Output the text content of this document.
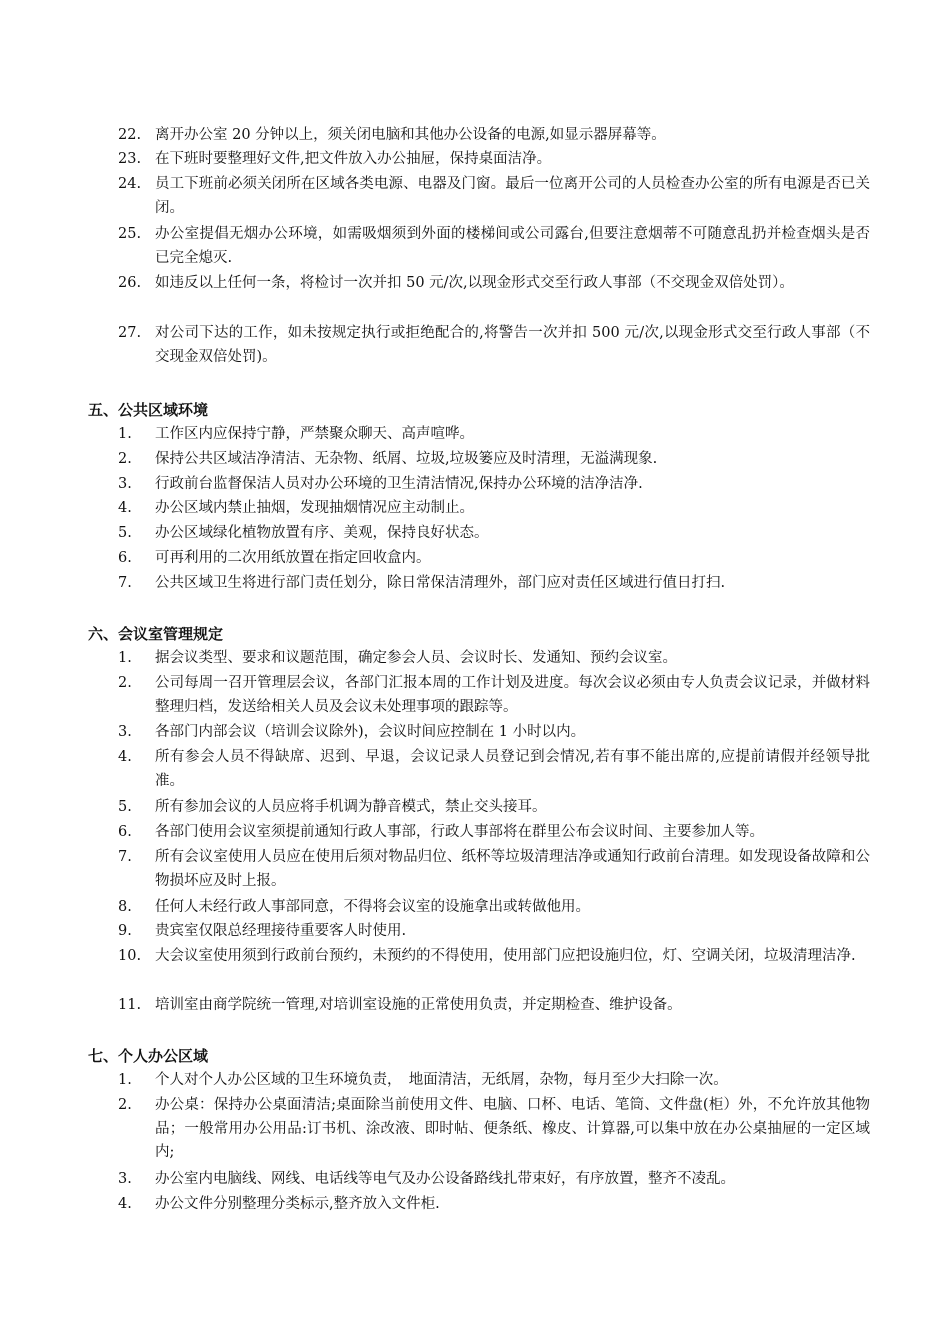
22. 离开办公室 20 分钟以上，须关闭电脑和其他办公设备的电源,如显示器屏幕等。
23. 在下班时要整理好文件,把文件放入办公抽屉，保持桌面洁净。
24. 员工下班前必须关闭所在区域各类电源、电器及门窗。最后一位离开公司的人员检查办公室的所有电源是否已关闭。
25. 办公室提倡无烟办公环境，如需吸烟须到外面的楼梯间或公司露台,但要注意烟蒂不可随意乱扔并检查烟头是否已完全熄灭.
26. 如违反以上任何一条，将检讨一次并扣 50 元/次,以现金形式交至行政人事部（不交现金双倍处罚）。
27. 对公司下达的工作，如未按规定执行或拒绝配合的,将警告一次并扣 500 元/次,以现金形式交至行政人事部（不交现金双倍处罚)。
五、公共区域环境
1.	工作区内应保持宁静，严禁聚众聊天、高声喧哗。
2.	保持公共区域洁净清洁、无杂物、纸屑、垃圾,垃圾篓应及时清理，无溢满现象.
3.	行政前台监督保洁人员对办公环境的卫生清洁情况,保持办公环境的洁净洁净.
4.	办公区域内禁止抽烟，发现抽烟情况应主动制止。
5.	办公区域绿化植物放置有序、美观，保持良好状态。
6.	可再利用的二次用纸放置在指定回收盒内。
7.	公共区域卫生将进行部门责任划分，除日常保洁清理外，部门应对责任区域进行值日打扫.
六、会议室管理规定
1.	据会议类型、要求和议题范围，确定参会人员、会议时长、发通知、预约会议室。
2.	公司每周一召开管理层会议，各部门汇报本周的工作计划及进度。每次会议必须由专人负责会议记录，并做材料整理归档，发送给相关人员及会议未处理事项的跟踪等。
3.	各部门内部会议（培训会议除外)，会议时间应控制在 1 小时以内。
4.	所有参会人员不得缺席、迟到、早退，会议记录人员登记到会情况,若有事不能出席的,应提前请假并经领导批准。
5.	所有参加会议的人员应将手机调为静音模式，禁止交头接耳。
6.	各部门使用会议室须提前通知行政人事部，行政人事部将在群里公布会议时间、主要参加人等。
7.	所有会议室使用人员应在使用后须对物品归位、纸杯等垃圾清理洁净或通知行政前台清理。如发现设备故障和公物损坏应及时上报。
8.	任何人未经行政人事部同意，不得将会议室的设施拿出或转做他用。
9.	贵宾室仅限总经理接待重要客人时使用.
10. 大会议室使用须到行政前台预约，未预约的不得使用，使用部门应把设施归位，灯、空调关闭，垃圾清理洁净.
11. 培训室由商学院统一管理,对培训室设施的正常使用负责，并定期检查、维护设备。
七、个人办公区域
1.	个人对个人办公区域的卫生环境负责，　地面清洁，无纸屑，杂物，每月至少大扫除一次。
2.	办公桌：保持办公桌面清洁;桌面除当前使用文件、电脑、口杯、电话、笔筒、文件盘(柜）外，不允许放其他物品；一般常用办公用品:订书机、涂改液、即时帖、便条纸、橡皮、计算器,可以集中放在办公桌抽屉的一定区域内;
3.	办公室内电脑线、网线、电话线等电气及办公设备路线扎带束好，有序放置，整齐不凌乱。
4.	办公文件分别整理分类标示,整齐放入文件柜.
